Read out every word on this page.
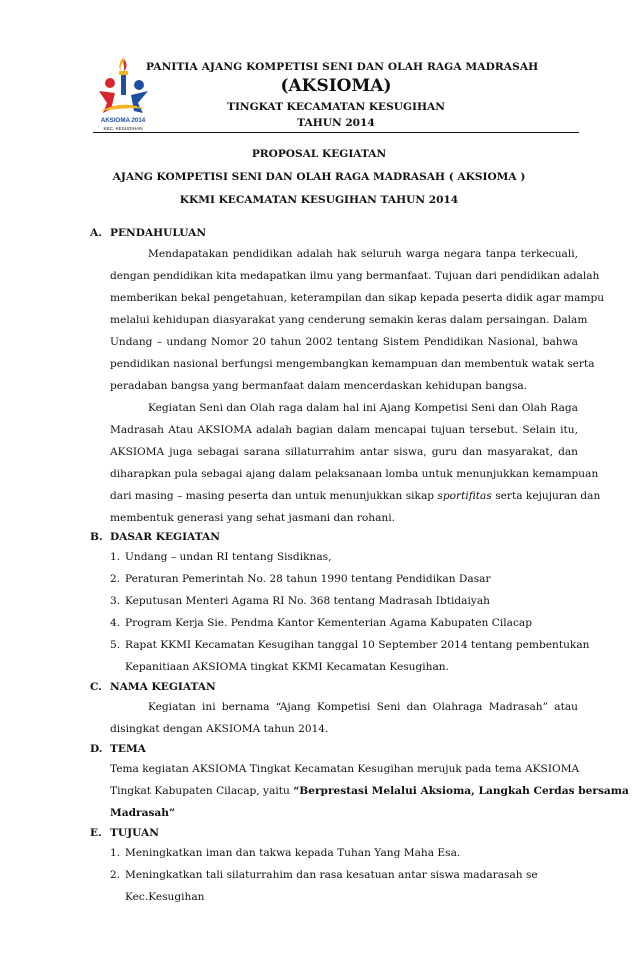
AKSIOMA 2014
KEC. KESUGIHAN
PANITIA AJANG KOMPETISI SENI DAN OLAH RAGA MADRASAH
(AKSIOMA)
TINGKAT KECAMATAN KESUGIHAN
TAHUN 2014
PROPOSAL KEGIATAN
AJANG KOMPETISI SENI DAN OLAH RAGA MADRASAH ( AKSIOMA )
KKMI KECAMATAN KESUGIHAN TAHUN 2014
A. PENDAHULUAN
Mendapatakan pendidikan adalah hak seluruh warga negara tanpa terkecuali,
dengan pendidikan kita medapatkan ilmu yang bermanfaat. Tujuan dari pendidikan adalah
memberikan bekal pengetahuan, keterampilan dan sikap kepada peserta didik agar mampu
melalui kehidupan diasyarakat yang cenderung semakin keras dalam persaingan. Dalam
Undang – undang Nomor 20 tahun 2002 tentang Sistem Pendidikan Nasional, bahwa
pendidikan nasional berfungsi mengembangkan kemampuan dan membentuk watak serta
peradaban bangsa yang bermanfaat dalam mencerdaskan kehidupan bangsa.
Kegiatan Seni dan Olah raga dalam hal ini Ajang Kompetisi Seni dan Olah Raga
Madrasah Atau AKSIOMA adalah bagian dalam mencapai tujuan tersebut. Selain itu,
AKSIOMA juga sebagai sarana sillaturrahim antar siswa, guru dan masyarakat, dan
diharapkan pula sebagai ajang dalam pelaksanaan lomba untuk menunjukkan kemampuan
dari masing – masing peserta dan untuk menunjukkan sikap sportifitas serta kejujuran dan
membentuk generasi yang sehat jasmani dan rohani.
B. DASAR KEGIATAN
1. Undang – undan RI tentang Sisdiknas,
2. Peraturan Pemerintah No. 28 tahun 1990 tentang Pendidikan Dasar
3. Keputusan Menteri Agama RI No. 368 tentang Madrasah Ibtidaiyah
4. Program Kerja Sie. Pendma Kantor Kementerian Agama Kabupaten Cilacap
5. Rapat KKMI Kecamatan Kesugihan tanggal 10 September 2014 tentang pembentukan
Kepanitiaan AKSIOMA tingkat KKMI Kecamatan Kesugihan.
C. NAMA KEGIATAN
Kegiatan ini bernama “Ajang Kompetisi Seni dan Olahraga Madrasah” atau
disingkat dengan AKSIOMA tahun 2014.
D. TEMA
Tema kegiatan AKSIOMA Tingkat Kecamatan Kesugihan merujuk pada tema AKSIOMA
Tingkat Kabupaten Cilacap, yaitu “Berprestasi Melalui Aksioma, Langkah Cerdas bersama
Madrasah”
E. TUJUAN
1. Meningkatkan iman dan takwa kepada Tuhan Yang Maha Esa.
2. Meningkatkan tali silaturrahim dan rasa kesatuan antar siswa madarasah se
Kec.Kesugihan
